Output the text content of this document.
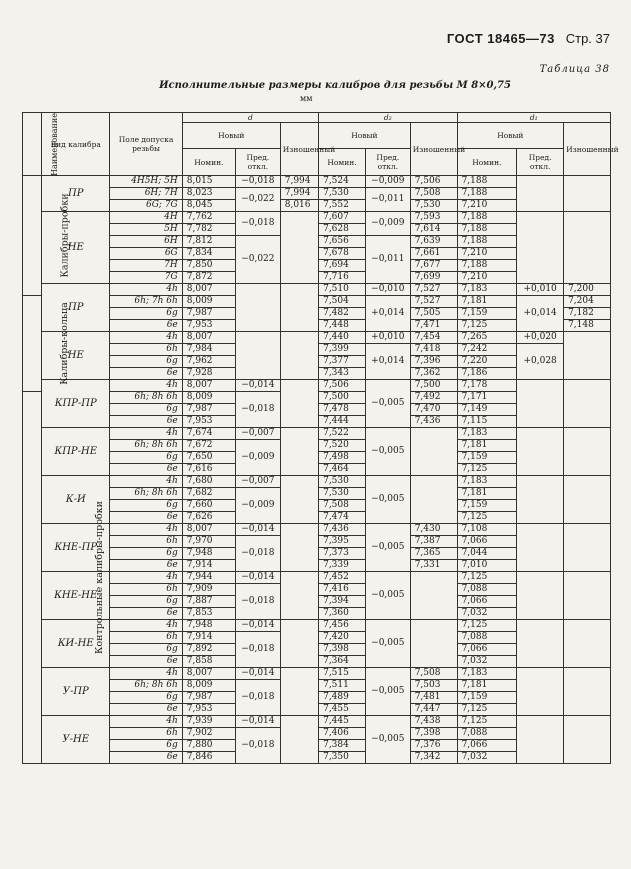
ГОСТ 18465—73 Стр. 37
Таблица 38
Исполнительные размеры калибров для резьбы M 8×0,75
мм
Наименование	Вид калибра	Поле допуска резьбы	d			d₂			d₁		
			Новый		Изношенный	Новый		Изношенный	Новый		Изношенный
			Номин.	Пред. откл.		Номин.	Пред. откл.		Номин.	Пред. откл.	
Калибры-пробки	ПР	4H5H; 5H	8,015	−0,018	7,994	7,524	−0,009	7,506	7,188		
		6H; 7H	8,023	−0,022	7,994	7,530	−0,011	7,508	7,188		
		6G; 7G	8,045		8,016	7,552		7,530	7,210		
	НЕ	4H	7,762	−0,018		7,607	−0,009	7,593	7,188		
		5H	7,782			7,628		7,614	7,188		
		6H	7,812	−0,022		7,656	−0,011	7,639	7,188		
		6G	7,834			7,678		7,661	7,210		
		7H	7,850			7,694		7,677	7,188		
		7G	7,872			7,716		7,699	7,210		
	ПР	4h	8,007			7,510	−0,010	7,527	7,183	+0,010	7,200
Калибры-кольца		6h; 7h 6h	8,009			7,504	+0,014	7,527	7,181	+0,014	7,204
		6g	7,987			7,482		7,505	7,159		7,182
		6e	7,953			7,448		7,471	7,125		7,148
	НЕ	4h	8,007			7,440	+0,010	7,454	7,265	+0,020	
		6h	7,984			7,399	+0,014	7,418	7,242	+0,028	
		6g	7,962			7,377		7,396	7,220		
		6e	7,928			7,343		7,362	7,186		
	КПР-ПР	4h	8,007	−0,014		7,506	−0,005	7,500	7,178		
Контрольные калибры-пробки		6h; 8h 6h	8,009	−0,018		7,500		7,492	7,171		
		6g	7,987			7,478		7,470	7,149		
		6e	7,953			7,444		7,436	7,115		
	КПР-НЕ	4h	7,674	−0,007		7,522	−0,005		7,183		
		6h; 8h 6h	7,672	−0,009		7,520			7,181		
		6g	7,650			7,498			7,159		
		6e	7,616			7,464			7,125		
	К-И	4h	7,680	−0,007		7,530	−0,005		7,183		
		6h; 8h 6h	7,682	−0,009		7,530			7,181		
		6g	7,660			7,508			7,159		
		6e	7,626			7,474			7,125		
	КНЕ-ПР	4h	8,007	−0,014		7,436	−0,005	7,430	7,108		
		6h	7,970	−0,018		7,395		7,387	7,066		
		6g	7,948			7,373		7,365	7,044		
		6e	7,914			7,339		7,331	7,010		
	КНЕ-НЕ	4h	7,944	−0,014		7,452	−0,005		7,125		
		6h	7,909	−0,018		7,416			7,088		
		6g	7,887			7,394			7,066		
		6e	7,853			7,360			7,032		
	КИ-НЕ	4h	7,948	−0,014		7,456	−0,005		7,125		
		6h	7,914	−0,018		7,420			7,088		
		6g	7,892			7,398			7,066		
		6e	7,858			7,364			7,032		
	У-ПР	4h	8,007	−0,014		7,515	−0,005	7,508	7,183		
		6h; 8h 6h	8,009	−0,018		7,511		7,503	7,181		
		6g	7,987			7,489		7,481	7,159		
		6e	7,953			7,455		7,447	7,125		
	У-НЕ	4h	7,939	−0,014		7,445	−0,005	7,438	7,125		
		6h	7,902	−0,018		7,406		7,398	7,088		
		6g	7,880			7,384		7,376	7,066		
		6e	7,846			7,350		7,342	7,032		
